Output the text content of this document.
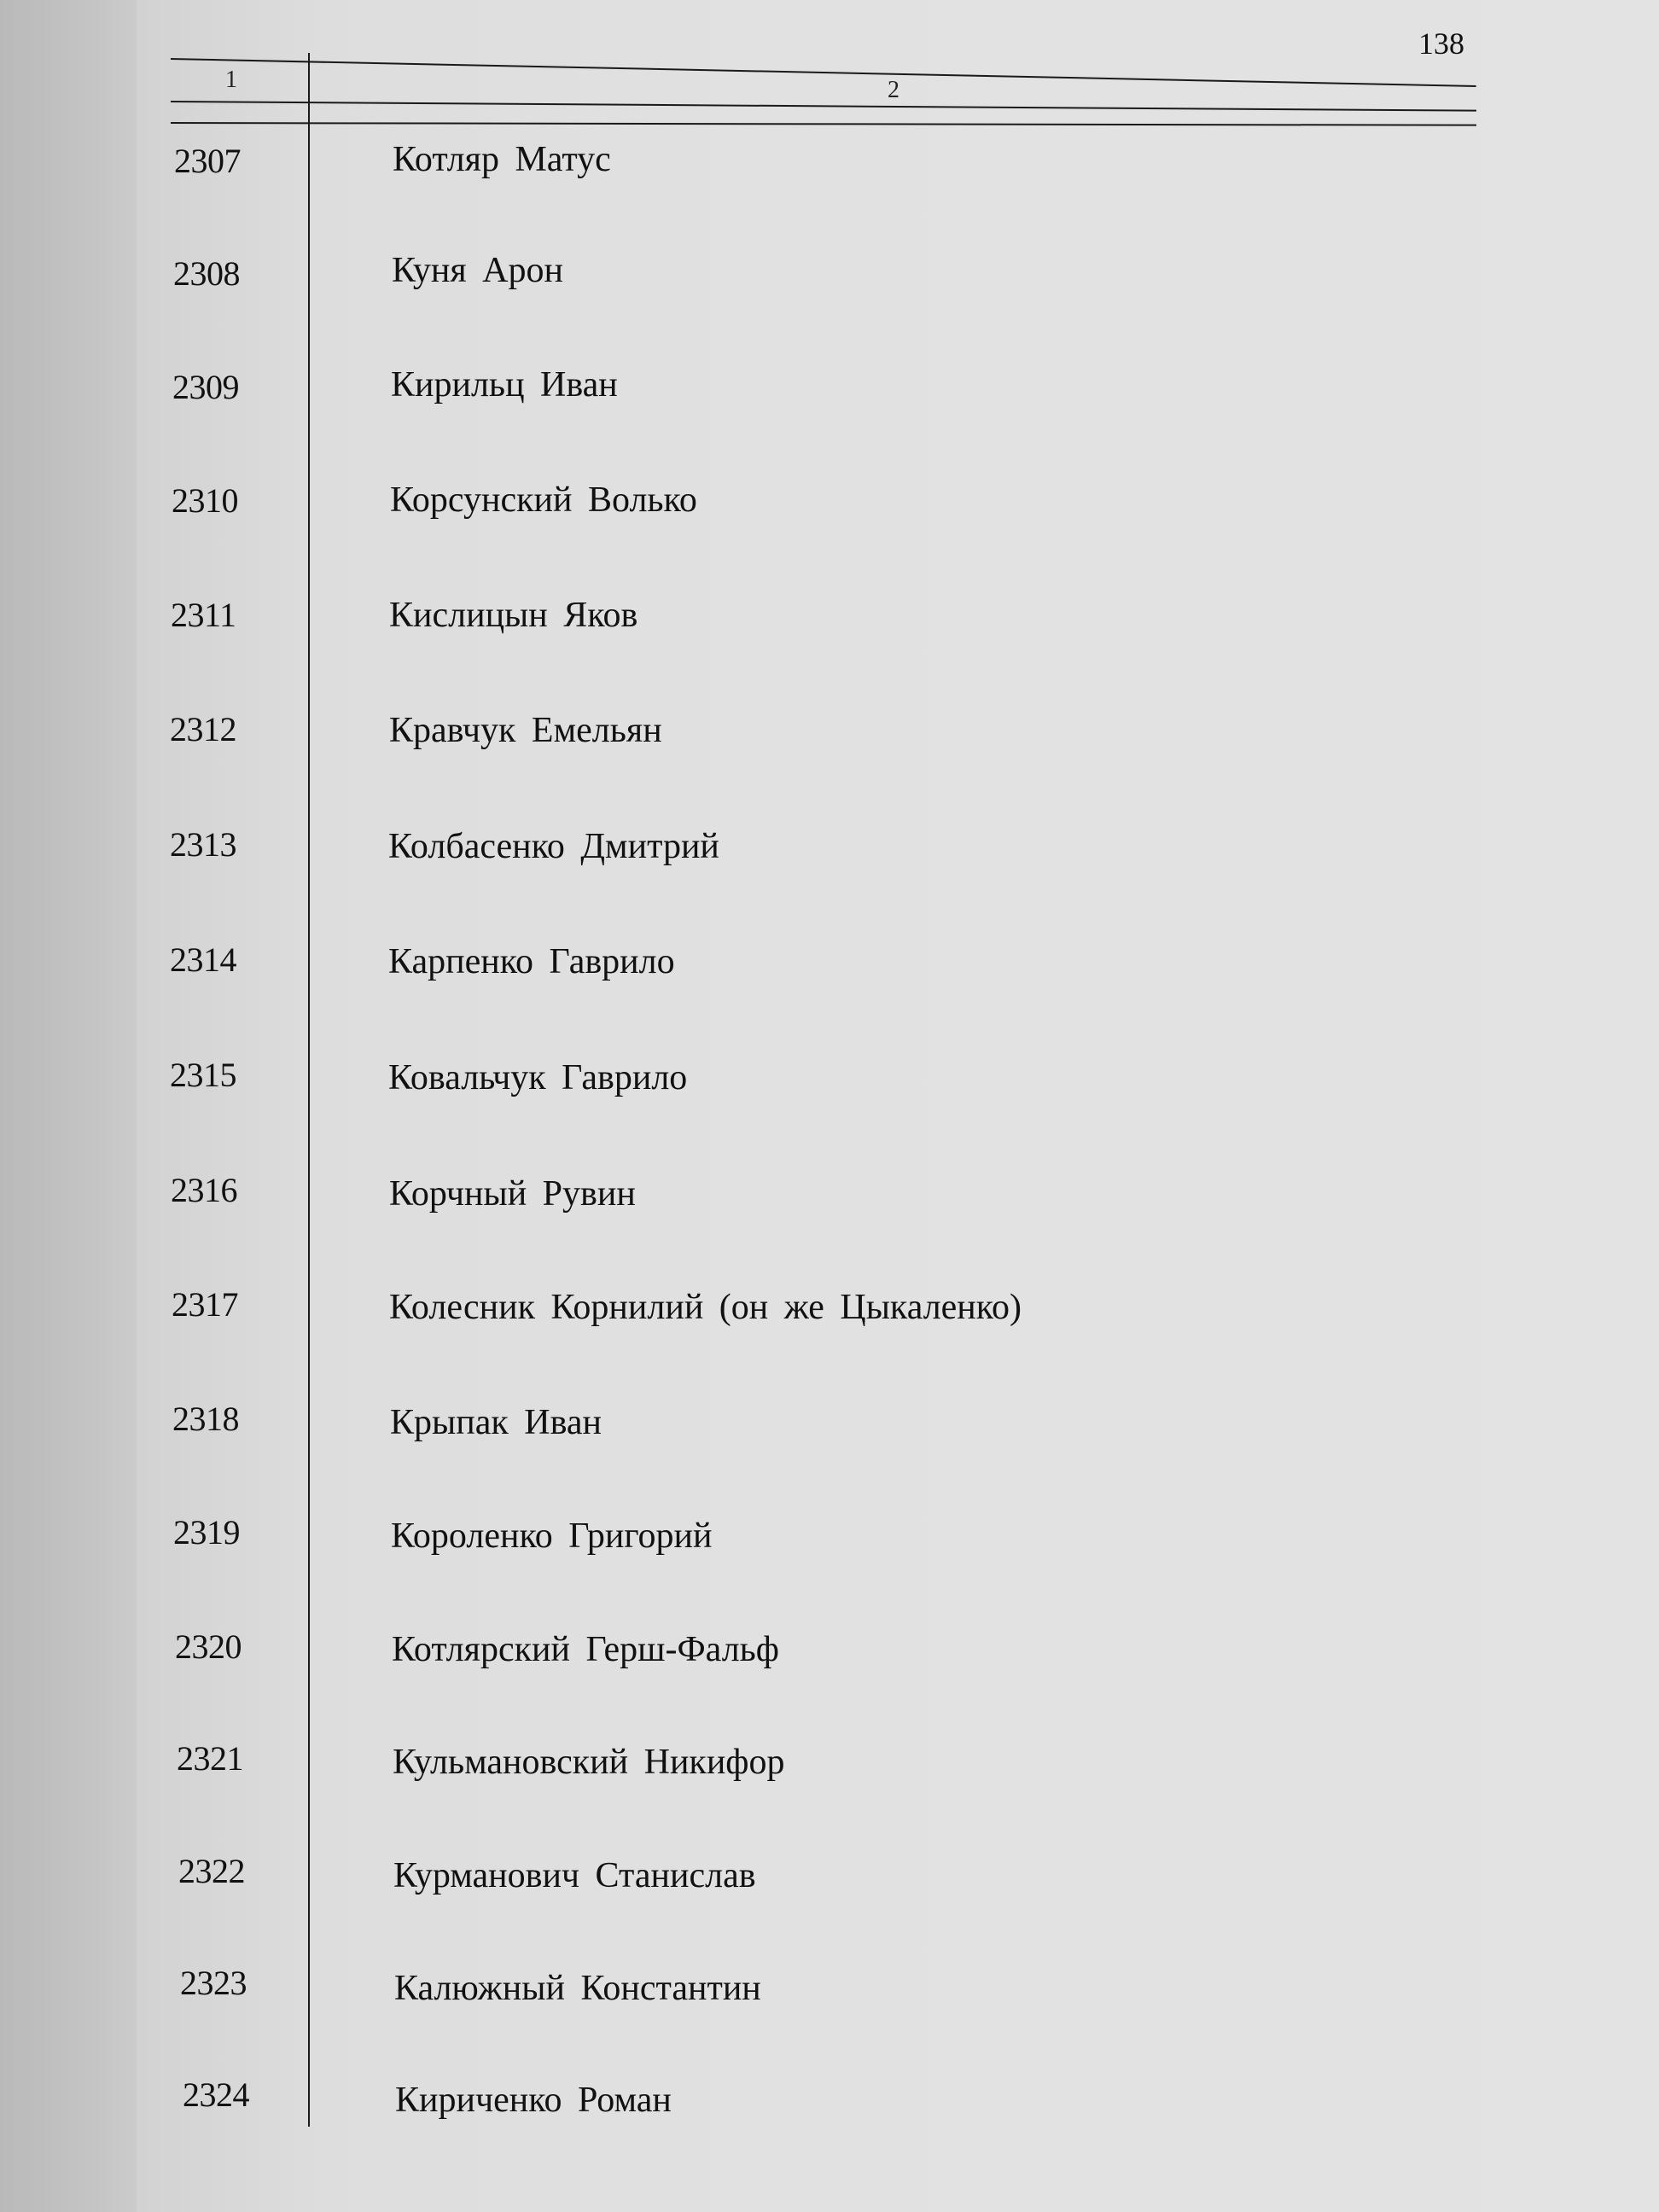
138
1	2
2307	Котляр Матус
2308	Куня Арон
2309	Кирильц Иван
2310	Корсунский Волько
2311	Кислицын Яков
2312	Кравчук Емельян
2313	Колбасенко Дмитрий
2314	Карпенко Гаврило
2315	Ковальчук Гаврило
2316	Корчный Рувин
2317	Колесник Корнилий (он же Цыкаленко)
2318	Крыпак Иван
2319	Короленко Григорий
2320	Котлярский Герш-Фальф
2321	Кульмановский Никифор
2322	Курманович Станислав
2323	Калюжный Константин
2324	Кириченко Роман
